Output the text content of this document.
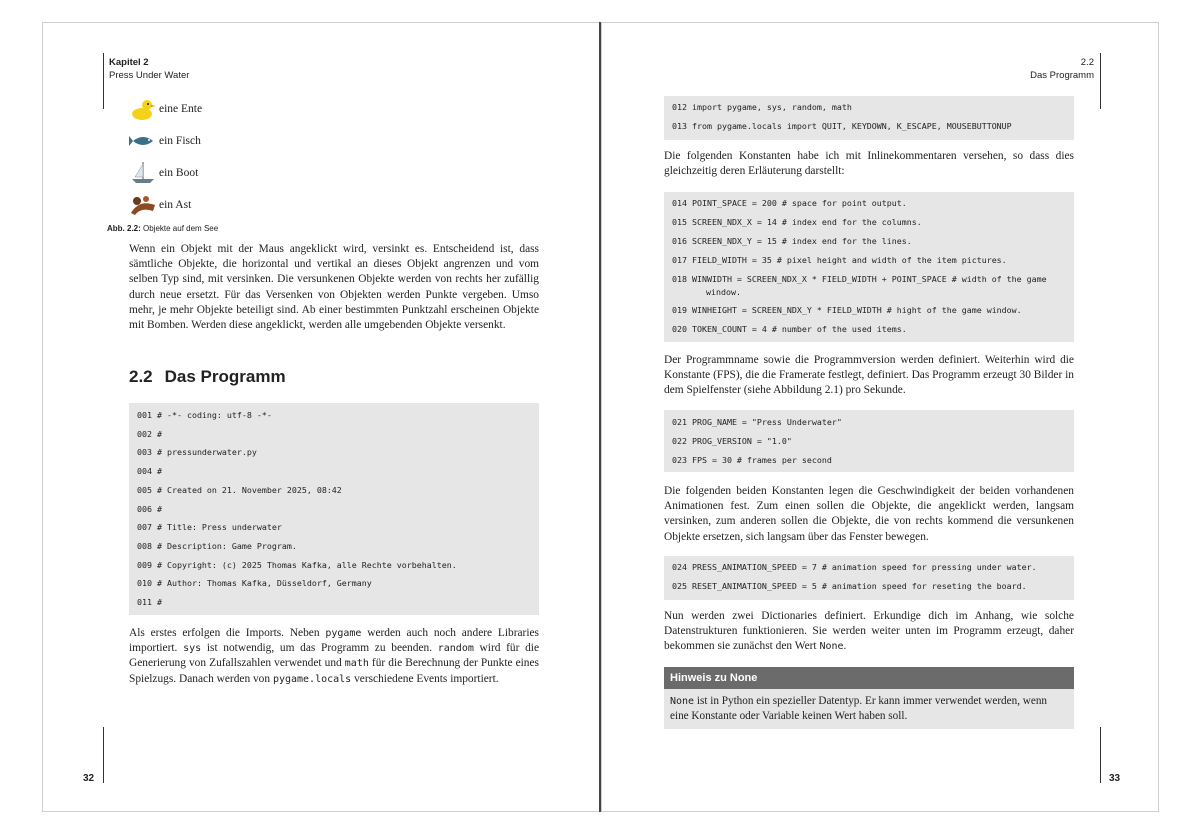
Kapitel 2
Press Under Water
eine Ente
ein Fisch
ein Boot
ein Ast
Abb. 2.2: Objekte auf dem See

Wenn ein Objekt mit der Maus angeklickt wird, versinkt es. Entscheidend ist, dass sämtliche Objekte, die horizontal und vertikal an dieses Objekt angrenzen und vom selben Typ sind, mit versinken. Die versunkenen Objekte werden von rechts her zufällig durch neue ersetzt. Für das Versenken von Objekten werden Punkte vergeben. Umso mehr, je mehr Objekte beteiligt sind. Ab einer bestimmten Punktzahl erscheinen Objekte mit Bomben. Werden diese angeklickt, werden alle umgebenden Objekte versenkt.

2.2 Das Programm
001 # -*- coding: utf-8 -*-
002 #
003 # pressunderwater.py
004 #
005 # Created on 21. November 2025, 08:42
006 #
007 # Title: Press underwater
008 # Description: Game Program.
009 # Copyright: (c) 2025 Thomas Kafka, alle Rechte vorbehalten.
010 # Author: Thomas Kafka, Düsseldorf, Germany
011 #

Als erstes erfolgen die Imports. Neben pygame werden auch noch andere Libraries importiert. sys ist notwendig, um das Programm zu beenden. random wird für die Generierung von Zufallszahlen verwendet und math für die Berechnung der Punkte eines Spielzugs. Danach werden von pygame.locals verschiedene Events importiert.

32
2.2
Das Programm
012 import pygame, sys, random, math
013 from pygame.locals import QUIT, KEYDOWN, K_ESCAPE, MOUSEBUTTONUP

Die folgenden Konstanten habe ich mit Inlinekommentaren versehen, so dass dies gleichzeitig deren Erläuterung darstellt:

014 POINT_SPACE = 200 # space for point output.
015 SCREEN_NDX_X = 14 # index end for the columns.
016 SCREEN_NDX_Y = 15 # index end for the lines.
017 FIELD_WIDTH = 35 # pixel height and width of the item pictures.
018 WINWIDTH = SCREEN_NDX_X * FIELD_WIDTH + POINT_SPACE # width of the game window.
019 WINHEIGHT = SCREEN_NDX_Y * FIELD_WIDTH # hight of the game window.
020 TOKEN_COUNT = 4 # number of the used items.

Der Programmname sowie die Programmversion werden definiert. Weiterhin wird die Konstante (FPS), die die Framerate festlegt, definiert. Das Programm erzeugt 30 Bilder in dem Spielfenster (siehe Abbildung 2.1) pro Sekunde.

021 PROG_NAME = "Press Underwater"
022 PROG_VERSION = "1.0"
023 FPS = 30 # frames per second

Die folgenden beiden Konstanten legen die Geschwindigkeit der beiden vorhandenen Animationen fest. Zum einen sollen die Objekte, die angeklickt werden, langsam versinken, zum anderen sollen die Objekte, die von rechts kommend die versunkenen Objekte ersetzen, sich langsam über das Fenster bewegen.

024 PRESS_ANIMATION_SPEED = 7 # animation speed for pressing under water.
025 RESET_ANIMATION_SPEED = 5 # animation speed for reseting the board.

Nun werden zwei Dictionaries definiert. Erkundige dich im Anhang, wie solche Datenstrukturen funktionieren. Sie werden weiter unten im Programm erzeugt, daher bekommen sie zunächst den Wert None.

Hinweis zu None
None ist in Python ein spezieller Datentyp. Er kann immer verwendet werden, wenn eine Konstante oder Variable keinen Wert haben soll.
33
